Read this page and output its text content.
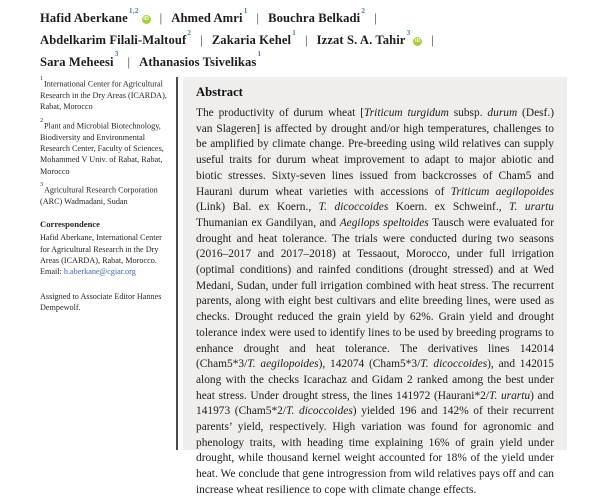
Hafid Aberkane$^{1,2}$iD | Ahmed Amri$^1$| Bouchra Belkadi$^2$|
Abdelkarim Filali-Maltouf$^2$| Zakaria Kehel$^1$| Izzat S. A. Tahir$^3$iD |
Sara Meheesi$^3$| Athanasios Tsivelikas$^1$
$^1$International Center for Agricultural Research in the Dry Areas (ICARDA), Rabat, Morocco
$^2$Plant and Microbial Biotechnology, Biodiversity and Environmental Research Center, Faculty of Sciences, Mohammed V Univ. of Rabat, Rabat, Morocco
$^3$Agricultural Research Corporation (ARC) Wadmadani, Sudan
Correspondence
Hafid Aberkane, International Center for Agricultural Research in the Dry Areas (ICARDA), Rabat, Morocco.
Email: h.aberkane@cgiar.org
Assigned to Associate Editor Hannes Dempewolf.
Abstract

The productivity of durum wheat [Triticum turgidum subsp. durum (Desf.) van Slageren] is affected by drought and/or high temperatures, challenges to be amplified by climate change. Pre-breeding using wild relatives can supply useful traits for durum wheat improvement to adapt to major abiotic and biotic stresses. Sixty-seven lines issued from backcrosses of Cham5 and Haurani durum wheat varieties with accessions of Triticum aegilopoides (Link) Bal. ex Koern., T. dicoccoides Koern. ex Schweinf., T. urartu Thumanian ex Gandilyan, and Aegilops speltoides Tausch were evaluated for drought and heat tolerance. The trials were conducted during two seasons (2016–2017 and 2017–2018) at Tessaout, Morocco, under full irrigation (optimal conditions) and rainfed conditions (drought stressed) and at Wed Medani, Sudan, under full irrigation combined with heat stress. The recurrent parents, along with eight best cultivars and elite breeding lines, were used as checks. Drought reduced the grain yield by 62%. Grain yield and drought tolerance index were used to identify lines to be used by breeding programs to enhance drought and heat tolerance. The derivatives lines 142014 (Cham5*3/T. aegilopoides), 142074 (Cham5*3/T. dicoccoides), and 142015 along with the checks Icarachaz and Gidam 2 ranked among the best under heat stress. Under drought stress, the lines 141972 (Haurani*2/T. urartu) and 141973 (Cham5*2/T. dicoccoides) yielded 196 and 142% of their recurrent parents’ yield, respectively. High variation was found for agronomic and phenology traits, with heading time explaining 16% of grain yield under drought, while thousand kernel weight accounted for 18% of the yield under heat. We conclude that gene introgression from wild relatives pays off and can increase wheat resilience to cope with climate change effects.
